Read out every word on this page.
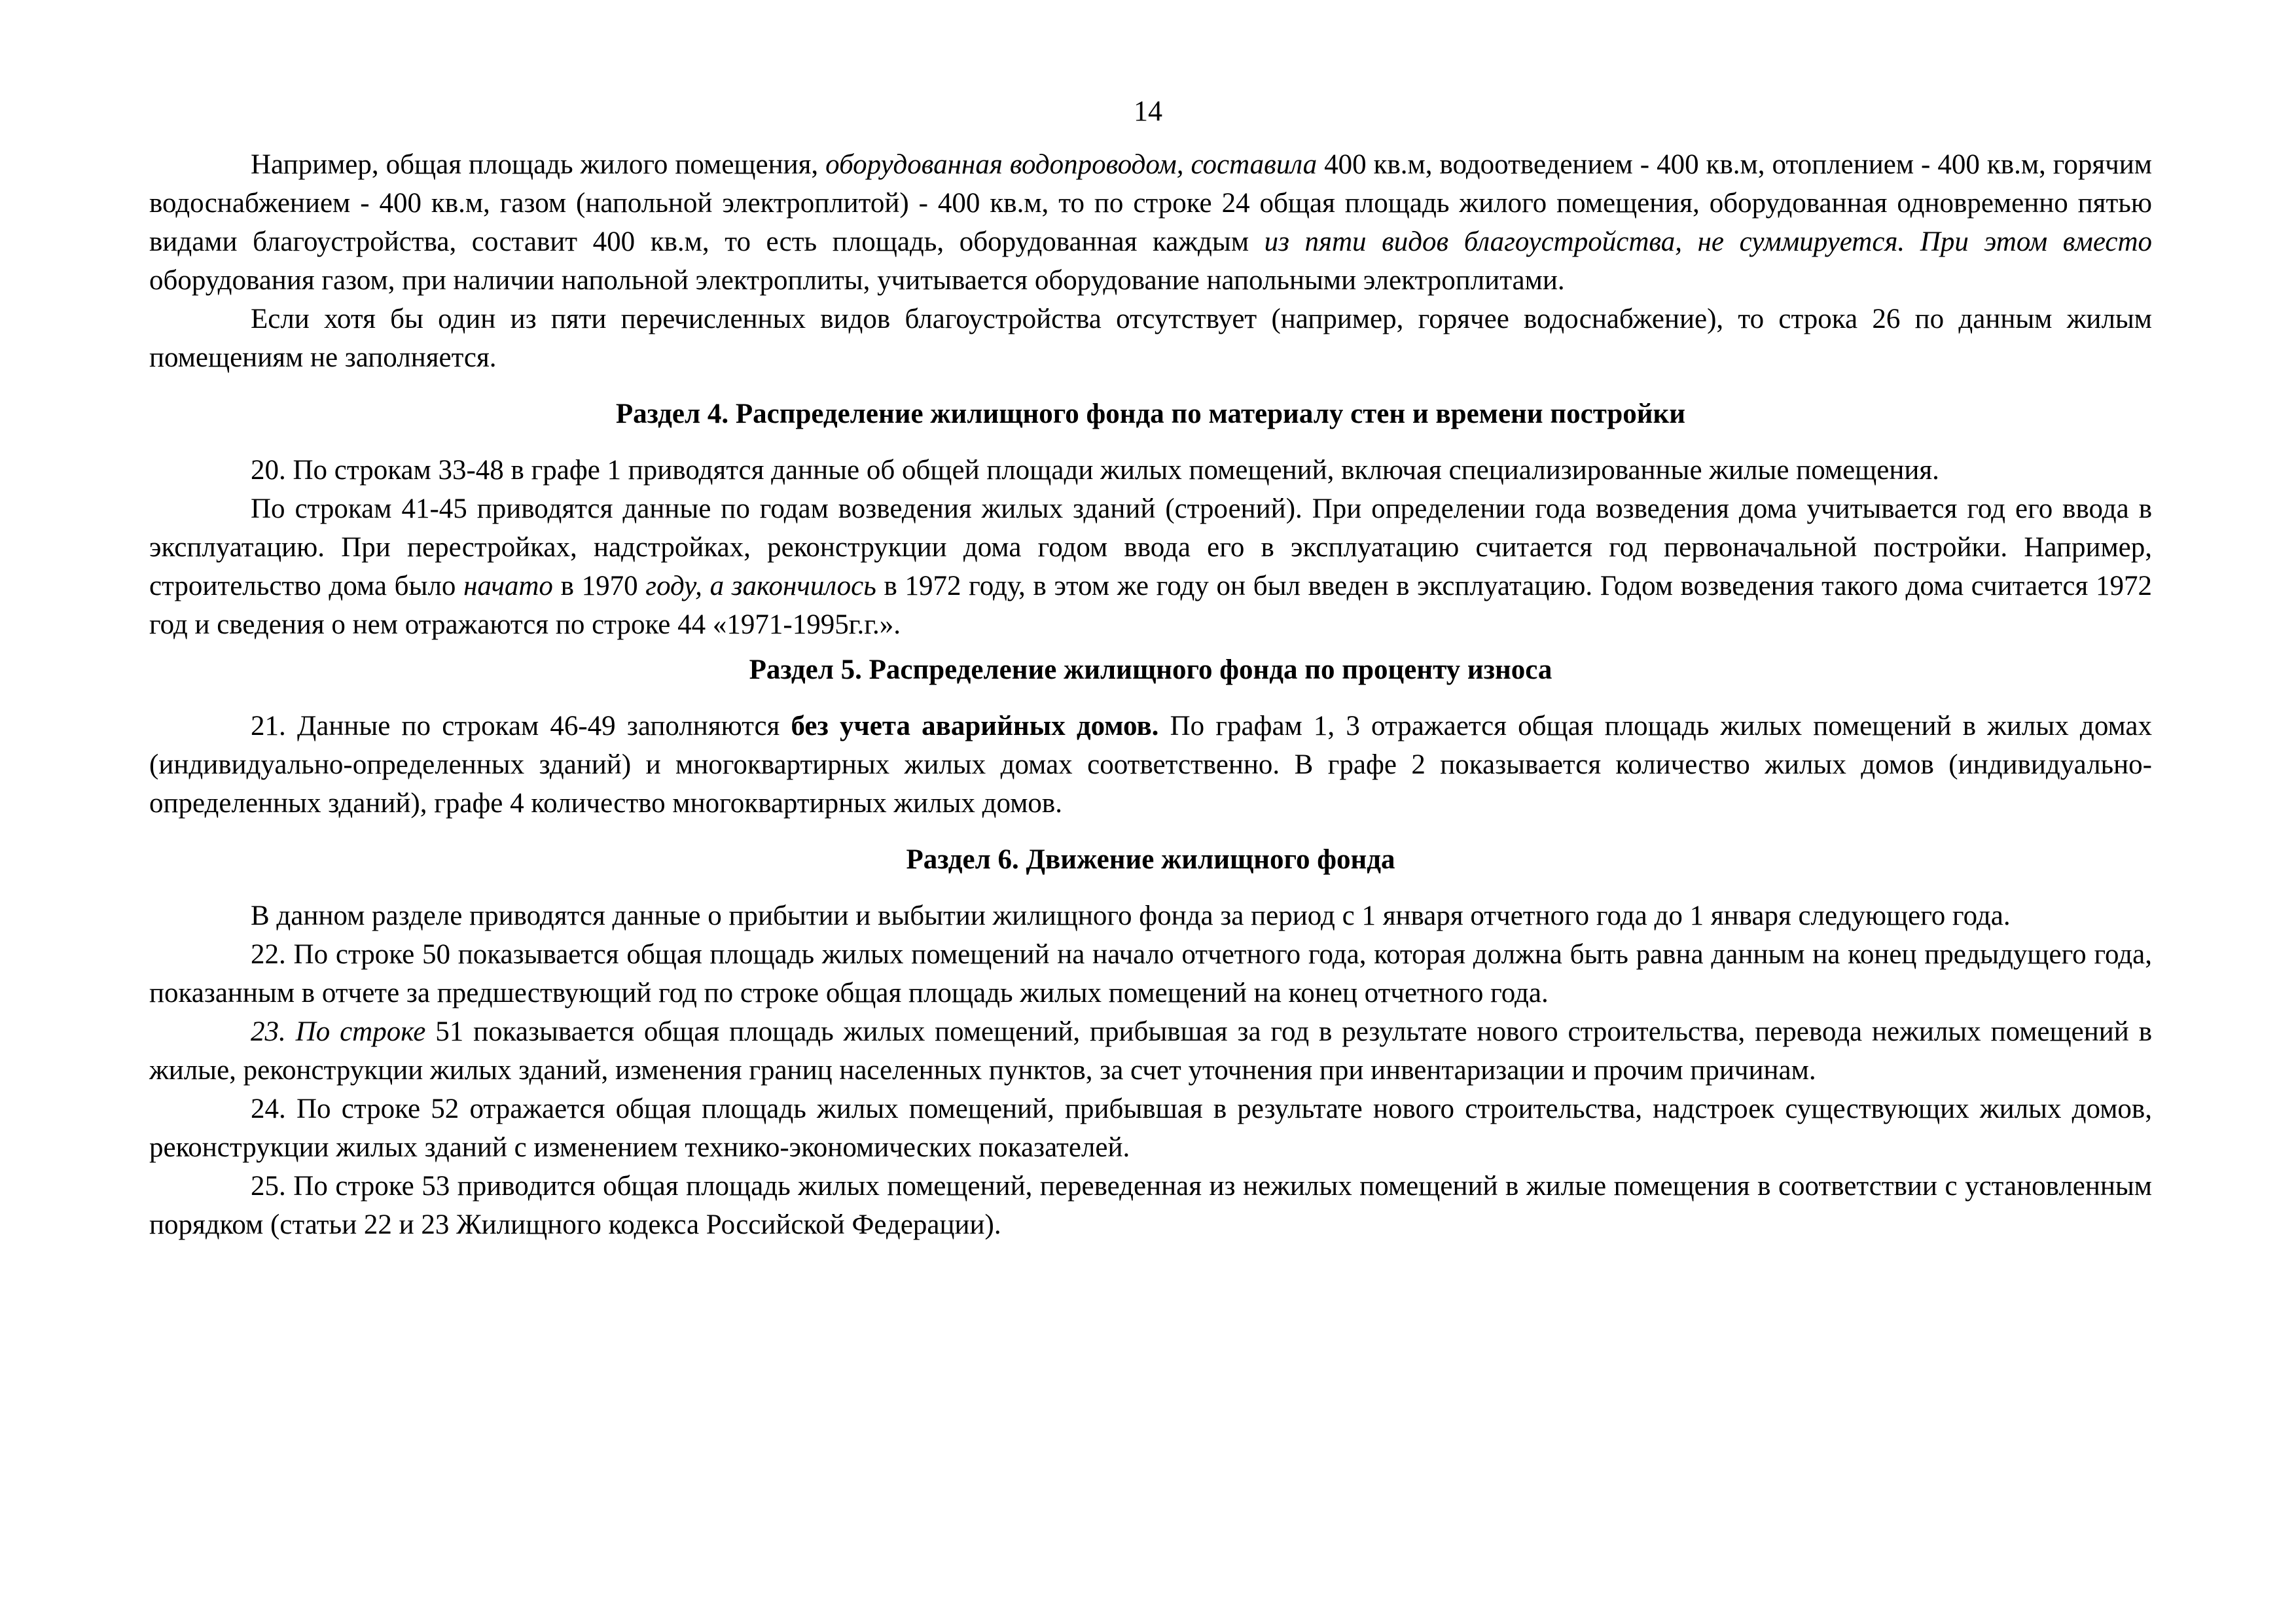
14

Например, общая площадь жилого помещения, оборудованная водопроводом, составила 400 кв.м, водоотведением - 400 кв.м, отоплением - 400 кв.м, горячим водоснабжением - 400 кв.м, газом (напольной электроплитой) - 400 кв.м, то по строке 24 общая площадь жилого помещения, оборудованная одновременно пятью видами благоустройства, составит 400 кв.м, то есть площадь, оборудованная каждым из пяти видов благоустройства, не суммируется. При этом вместо оборудования газом, при наличии напольной электроплиты, учитывается оборудование напольными электроплитами.

Если хотя бы один из пяти перечисленных видов благоустройства отсутствует (например, горячее водоснабжение), то строка 26 по данным жилым помещениям не заполняется.

Раздел 4. Распределение жилищного фонда по материалу стен и времени постройки

20. По строкам 33-48 в графе 1 приводятся данные об общей площади жилых помещений, включая специализированные жилые помещения.

По строкам 41-45 приводятся данные по годам возведения жилых зданий (строений). При определении года возведения дома учитывается год его ввода в эксплуатацию. При перестройках, надстройках, реконструкции дома годом ввода его в эксплуатацию считается год первоначальной постройки. Например, строительство дома было начато в 1970 году, а закончилось в 1972 году, в этом же году он был введен в эксплуатацию. Годом возведения такого дома считается 1972 год и сведения о нем отражаются по строке 44 «1971-1995г.г.».

Раздел 5. Распределение жилищного фонда по проценту износа

21. Данные по строкам 46-49 заполняются без учета аварийных домов. По графам 1, 3 отражается общая площадь жилых помещений в жилых домах (индивидуально-определенных зданий) и многоквартирных жилых домах соответственно. В графе 2 показывается количество жилых домов (индивидуально-определенных зданий), графе 4 количество многоквартирных жилых домов.

Раздел 6. Движение жилищного фонда

В данном разделе приводятся данные о прибытии и выбытии жилищного фонда за период с 1 января отчетного года до 1 января следующего года.

22. По строке 50 показывается общая площадь жилых помещений на начало отчетного года, которая должна быть равна данным на конец предыдущего года, показанным в отчете за предшествующий год по строке общая площадь жилых помещений на конец отчетного года.

23. По строке 51 показывается общая площадь жилых помещений, прибывшая за год в результате нового строительства, перевода нежилых помещений в жилые, реконструкции жилых зданий, изменения границ населенных пунктов, за счет уточнения при инвентаризации и прочим причинам.

24. По строке 52 отражается общая площадь жилых помещений, прибывшая в результате нового строительства, надстроек существующих жилых домов, реконструкции жилых зданий с изменением технико-экономических показателей.

25. По строке 53 приводится общая площадь жилых помещений, переведенная из нежилых помещений в жилые помещения в соответствии с установленным порядком (статьи 22 и 23 Жилищного кодекса Российской Федерации).
